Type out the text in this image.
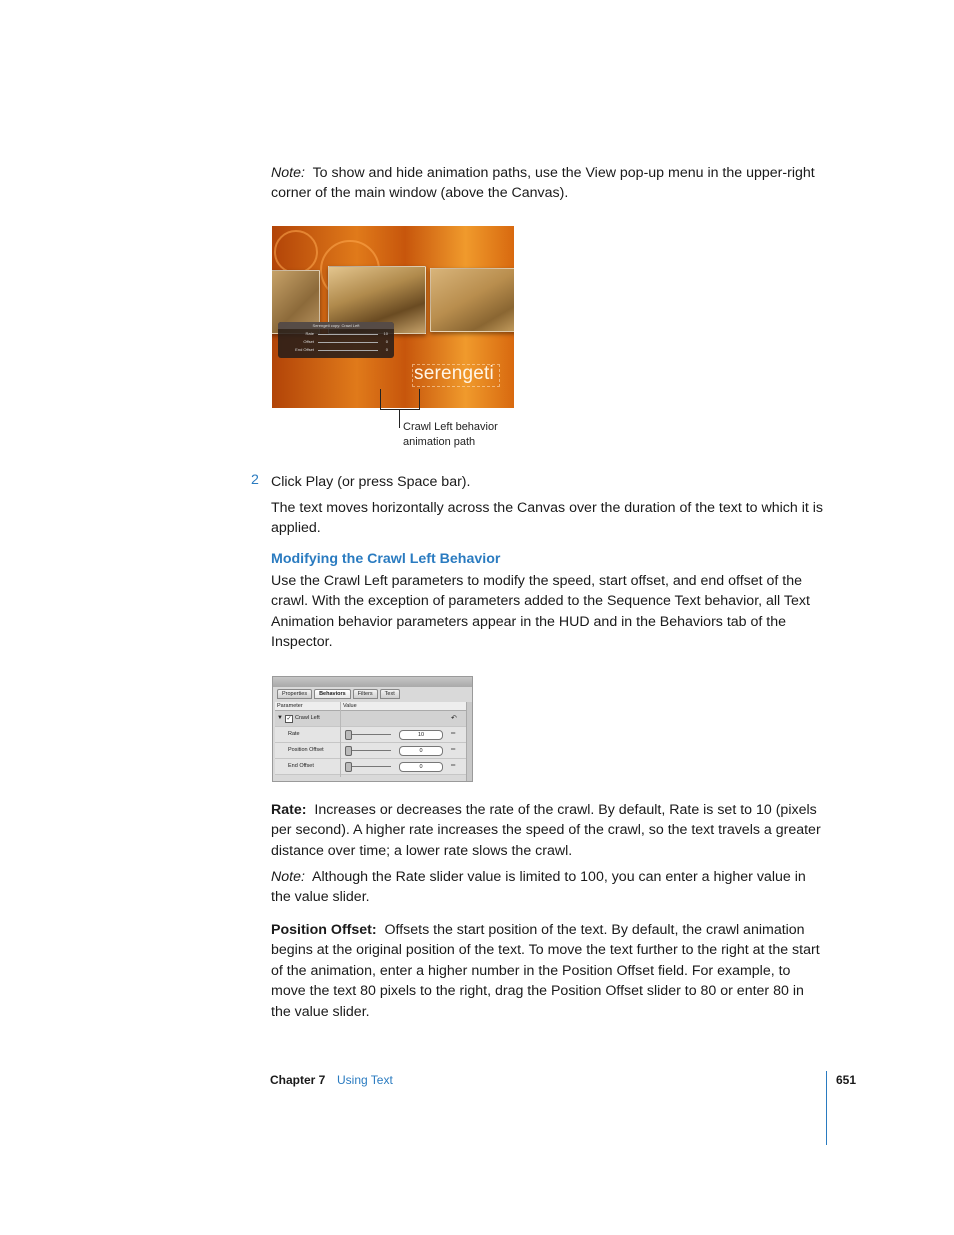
Note: To show and hide animation paths, use the View pop-up menu in the upper-right corner of the main window (above the Canvas).

Serengeti copy: Crawl Left
Rate	10
Offset	0
End Offset	0
serengeti
Crawl Left behavior
animation path
2 Click Play (or press Space bar).

The text moves horizontally across the Canvas over the duration of the text to which it is applied.

Modifying the Crawl Left Behavior

Use the Crawl Left parameters to modify the speed, start offset, and end offset of the crawl. With the exception of parameters added to the Sequence Text behavior, all Text Animation behavior parameters appear in the HUD and in the Behaviors tab of the Inspector.

Properties	Behaviors	Filters	Text
Parameter	Value
▼ ✓ Crawl Left	↶
Rate	10	═
Position Offset	0	═
End Offset	0	═

Rate: Increases or decreases the rate of the crawl. By default, Rate is set to 10 (pixels per second). A higher rate increases the speed of the crawl, so the text travels a greater distance over time; a lower rate slows the crawl.

Note: Although the Rate slider value is limited to 100, you can enter a higher value in the value slider.

Position Offset: Offsets the start position of the text. By default, the crawl animation begins at the original position of the text. To move the text further to the right at the start of the animation, enter a higher number in the Position Offset field. For example, to move the text 80 pixels to the right, drag the Position Offset slider to 80 or enter 80 in the value slider.

Chapter 7 Using Text	651
